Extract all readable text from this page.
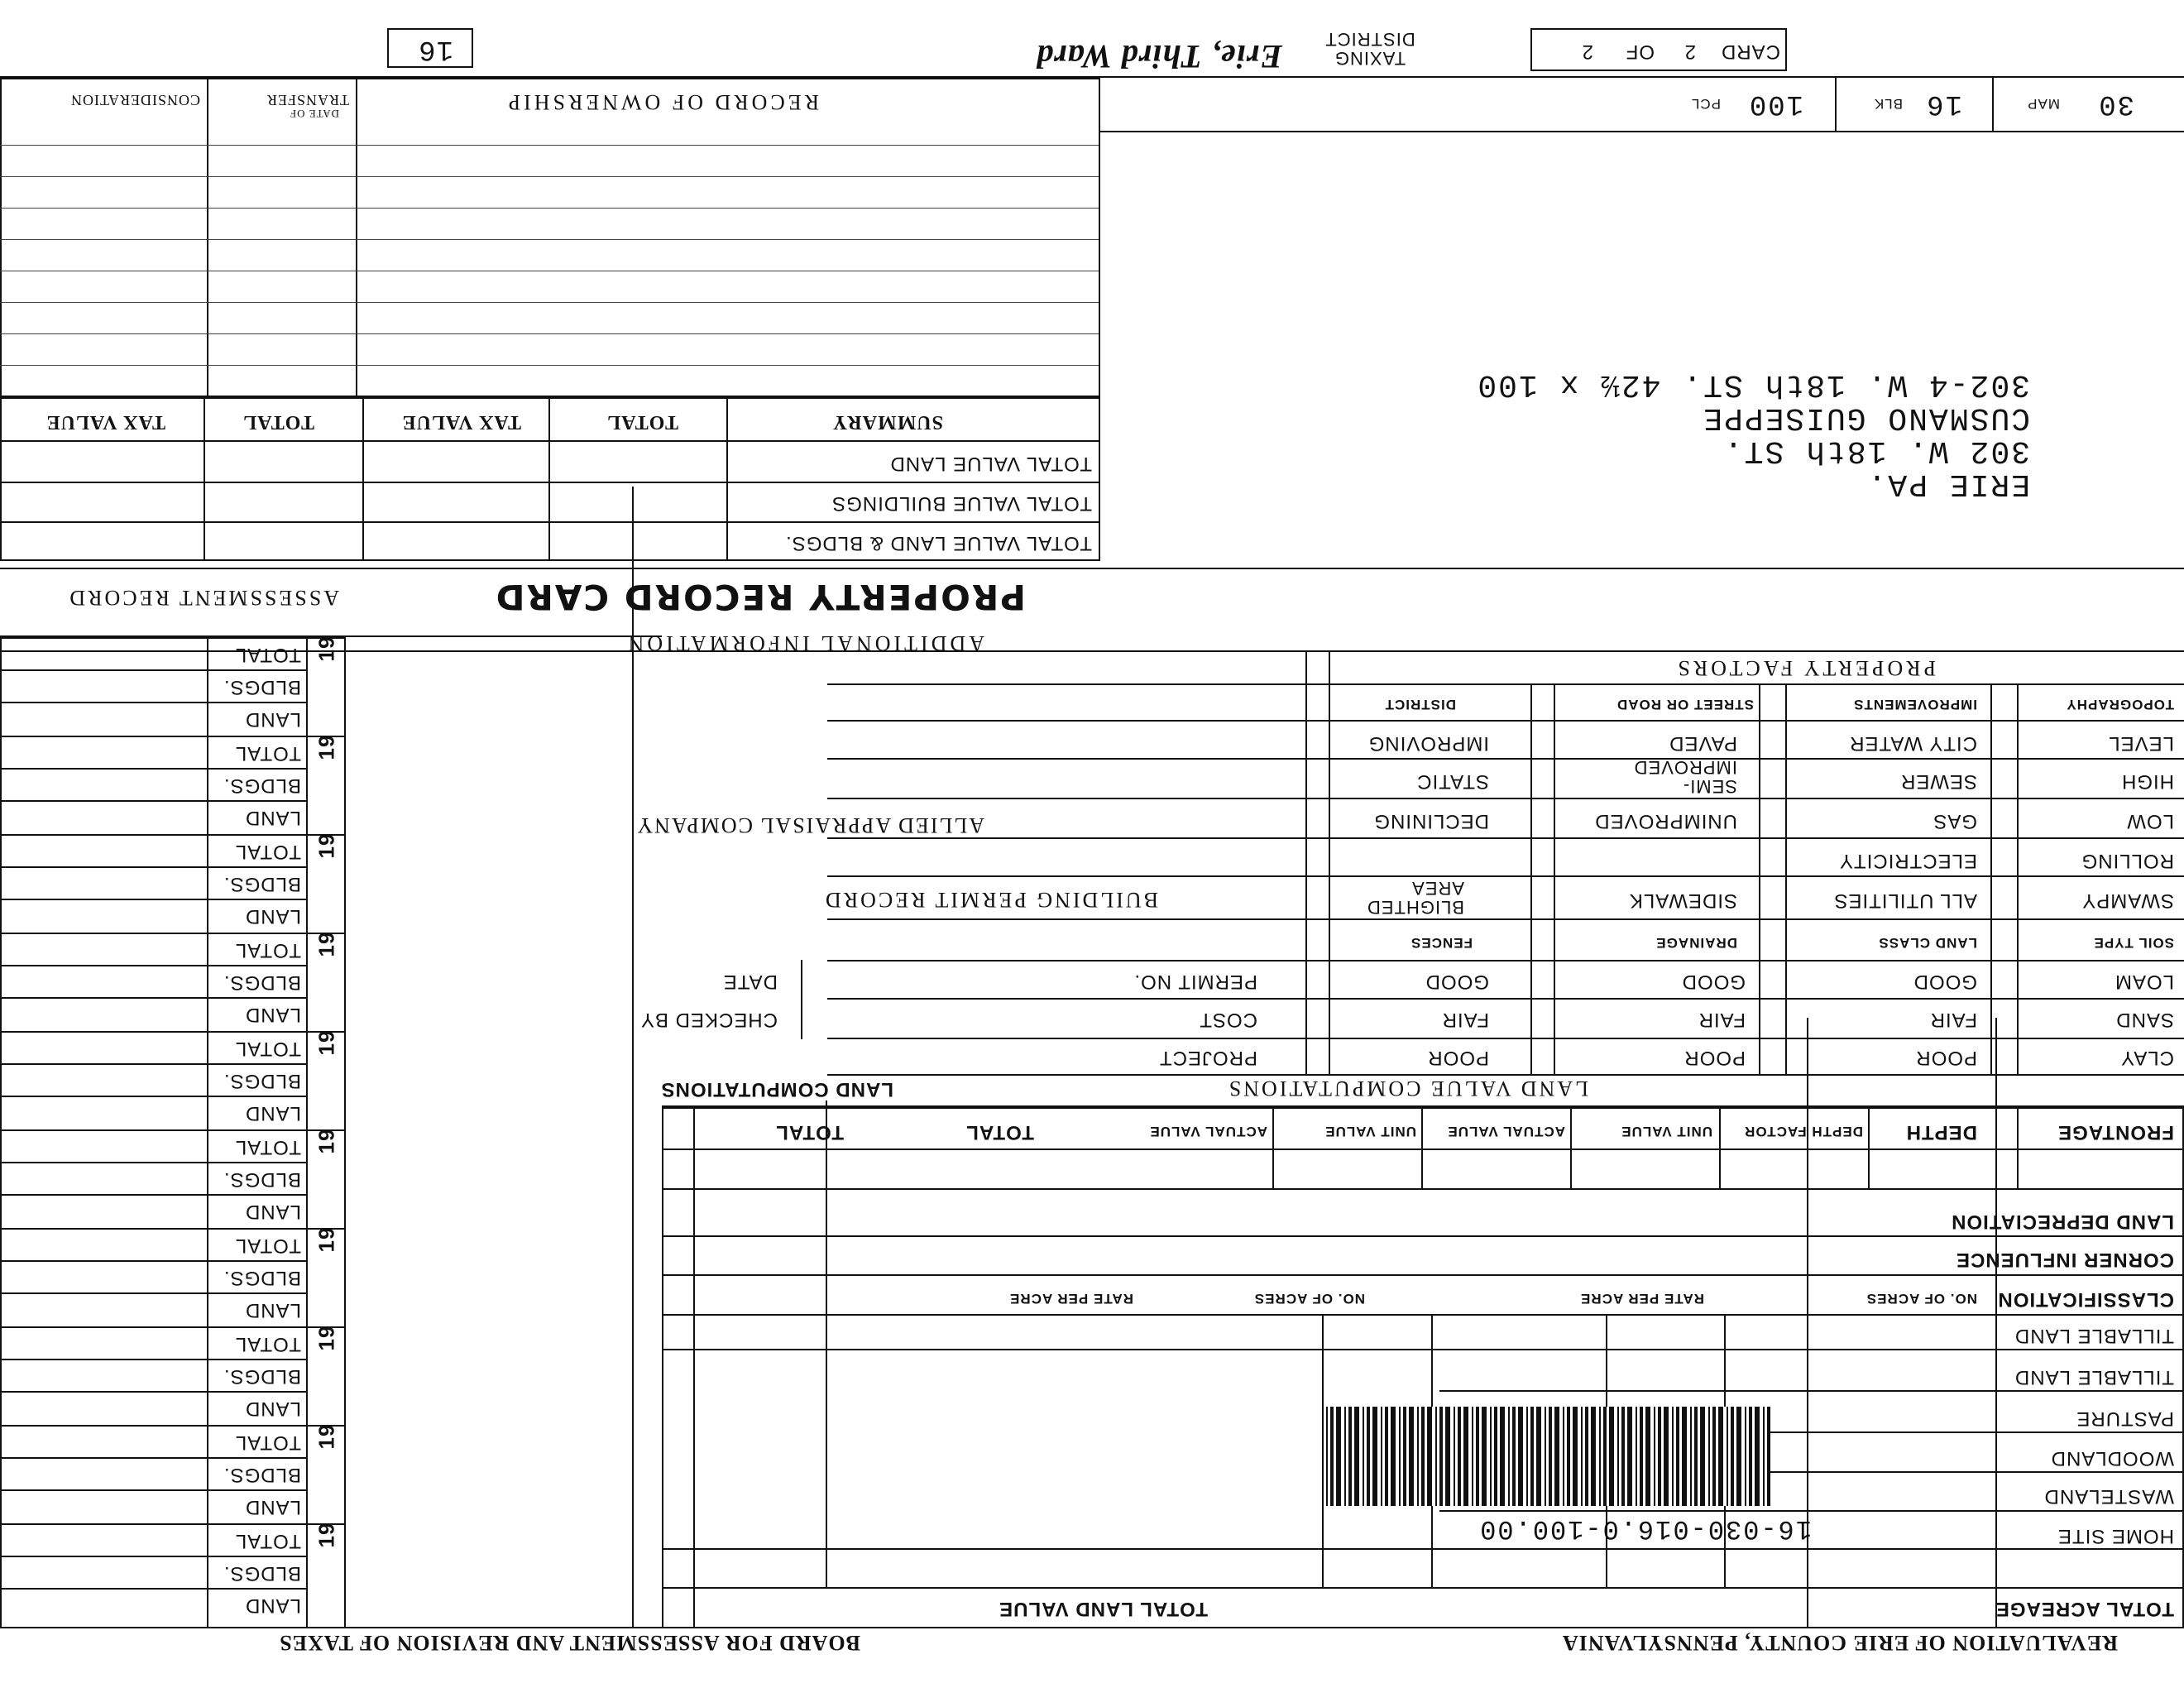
REVALUATION OF ERIE COUNTY, PENNSYLVANIA
BOARD FOR ASSESSMENT AND REVISION OF TAXES
TOTAL ACREAGE
HOME SITE
WASTELAND
WOODLAND
PASTURE
TILLABLE LAND
TILLABLE LAND
CLASSIFICATION
NO. OF ACRES
RATE PER ACRE
NO. OF ACRES
RATE PER ACRE
CORNER INFLUENCE
LAND DEPRECIATION
TOTAL LAND VALUE
16-030-016.0-100.00
FRONTAGE
DEPTH
DEPTH FACTOR
UNIT VALUE
ACTUAL VALUE
UNIT VALUE
ACTUAL VALUE
TOTAL
TOTAL
LAND VALUE COMPUTATIONS
LAND COMPUTATIONS
CLAY
POOR
POOR
POOR
SAND
FAIR
FAIR
FAIR
LOAM
GOOD
GOOD
GOOD
SOIL TYPE
LAND CLASS
DRAINAGE
FENCES
SWAMPY
ALL UTILITIES
SIDEWALK
BLIGHTED AREA
ROLLING
ELECTRICITY
LOW
GAS
UNIMPROVED
DECLINING
HIGH
SEWER
SEMI-IMPROVED
STATIC
LEVEL
CITY WATER
PAVED
IMPROVING
TOPOGRAPHY
IMPROVEMENTS
STREET OR ROAD
DISTRICT
PROPERTY FACTORS
BUILDING PERMIT RECORD
PERMIT NO.
DATE
COST
CHECKED BY
PROJECT
ALLIED APPRAISAL COMPANY
ADDITIONAL INFORMATION
PROPERTY RECORD CARD
ASSESSMENT RECORD
LAND
BLDGS.
TOTAL 19
LAND
BLDGS.
TOTAL 19
LAND
BLDGS.
TOTAL 19
LAND
BLDGS.
TOTAL 19
LAND
BLDGS.
TOTAL 19
LAND
BLDGS.
TOTAL 19
LAND
BLDGS.
TOTAL 19
LAND
BLDGS.
TOTAL 19
LAND
BLDGS.
TOTAL 19
LAND
BLDGS.
TOTAL 19
TOTAL VALUE LAND & BLDGS.
TOTAL VALUE BUILDINGS
TOTAL VALUE LAND
SUMMARY
TOTAL
TAX VALUE
TOTAL
TAX VALUE
RECORD OF OWNERSHIP
DATE OF
TRANSFER
CONSIDERATION
ERIE PA.
302 W. 18th ST.
CUSMANO GUISEPPE
302-4 W. 18th ST. 42½ x 100
MAP 30
BLK 16
PCL 100
CARD
2
OF
2
TAXING DISTRICT
Erie, Third Ward
16
